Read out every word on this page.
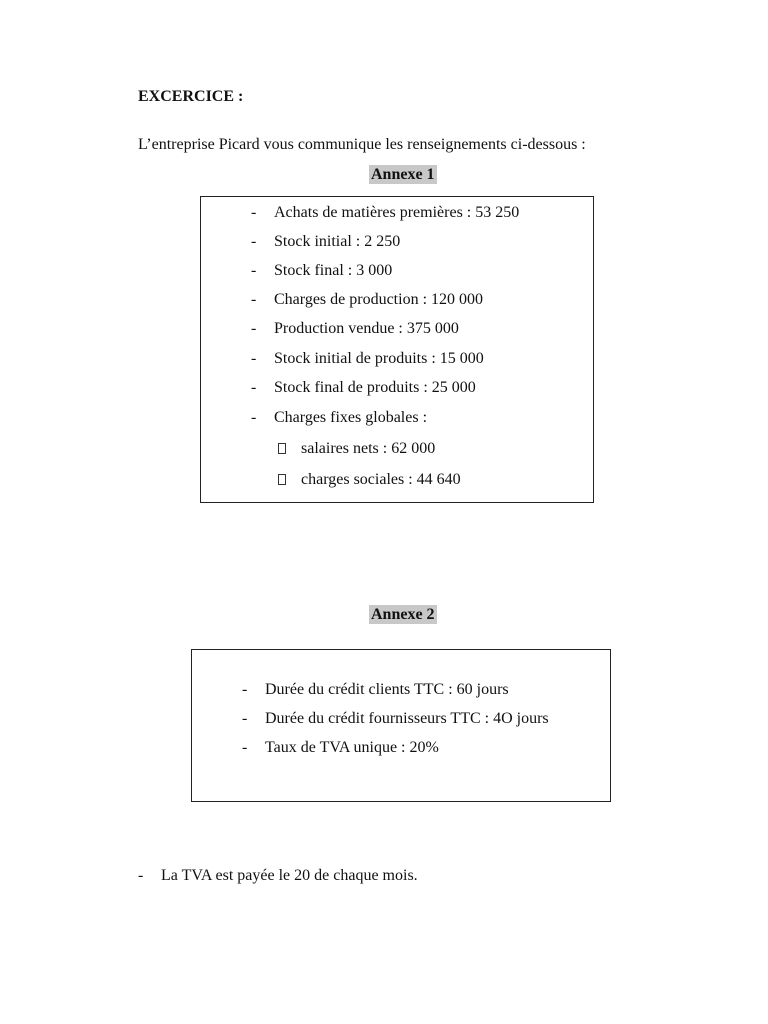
EXCERCICE :
L’entreprise Picard vous communique les renseignements ci-dessous :
Annexe 1
- Achats de matières premières : 53 250
- Stock initial : 2 250
- Stock final : 3 000
- Charges de production : 120 000
- Production vendue : 375 000
- Stock initial de produits : 15 000
- Stock final de produits : 25 000
- Charges fixes globales :
salaires nets : 62 000
charges sociales : 44 640
Annexe 2
- Durée du crédit clients TTC : 60 jours
- Durée du crédit fournisseurs TTC : 4O jours
- Taux de TVA unique : 20%
- La TVA est payée le 20 de chaque mois.
